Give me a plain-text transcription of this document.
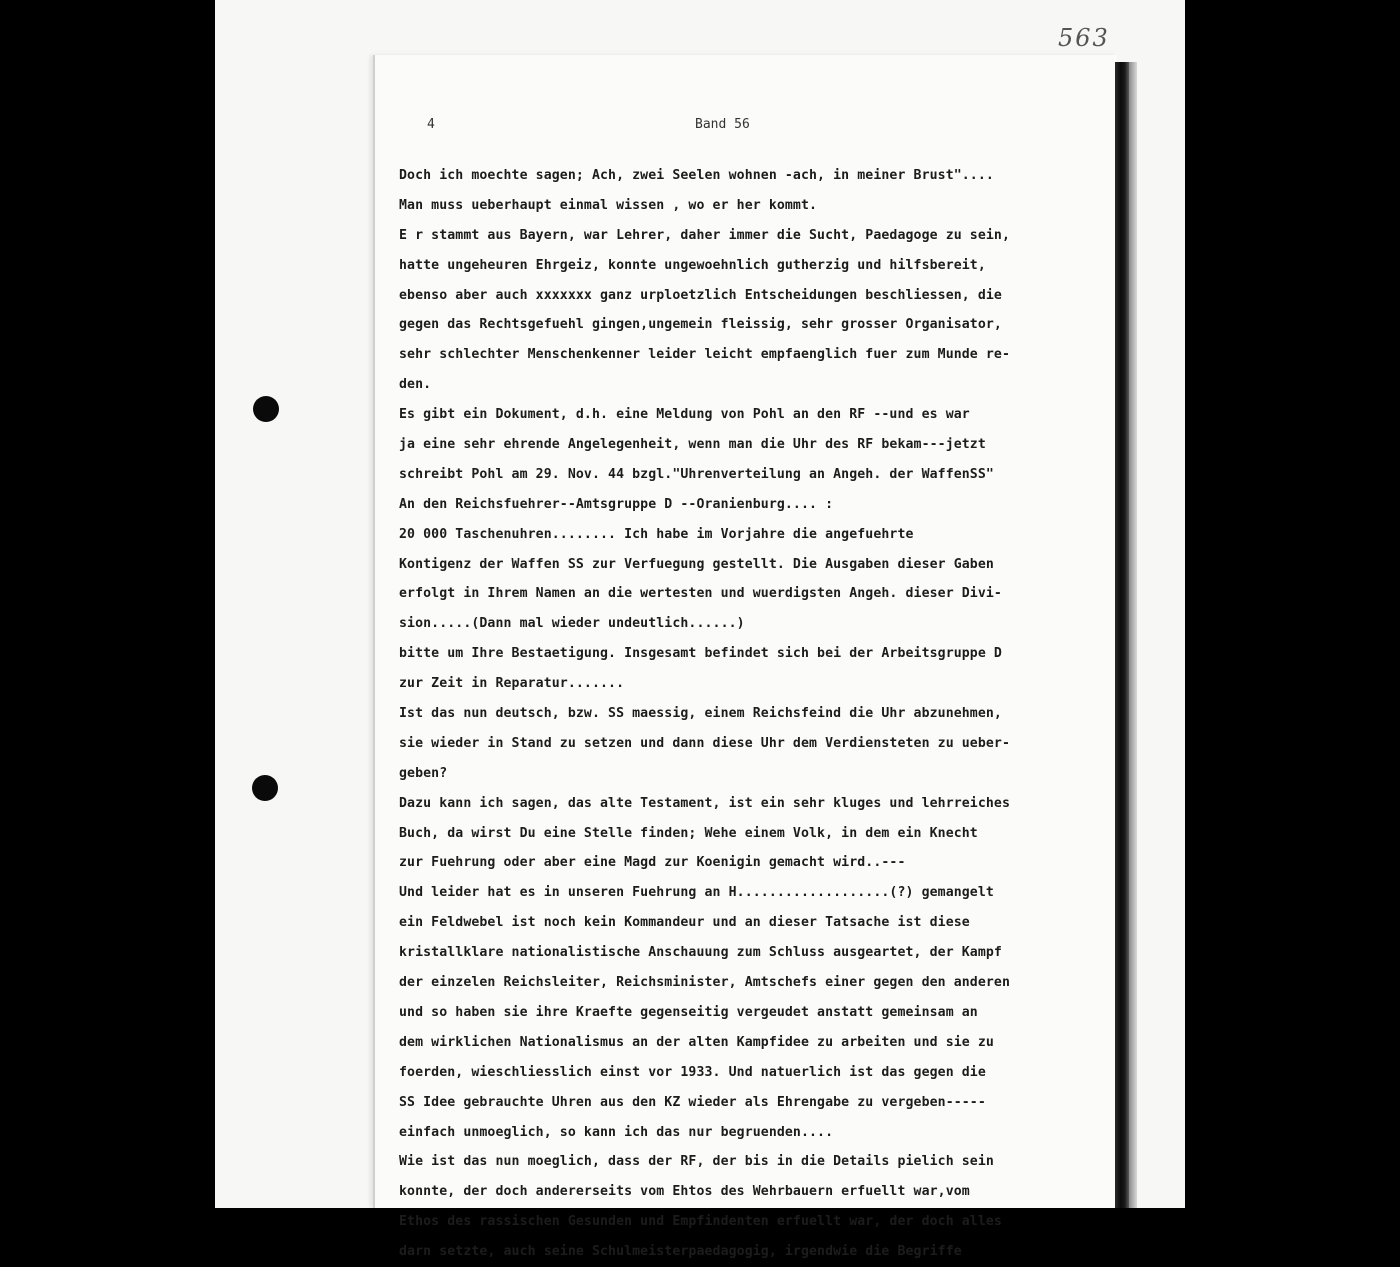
563
4	Band 56
Doch ich moechte sagen; Ach, zwei Seelen wohnen -ach, in meiner Brust"....
Man muss ueberhaupt einmal wissen , wo er her kommt.
E r stammt aus Bayern, war Lehrer, daher immer die Sucht, Paedagoge zu sein,
hatte ungeheuren Ehrgeiz, konnte ungewoehnlich gutherzig und hilfsbereit,
ebenso aber auch xxxxxxx ganz urploetzlich Entscheidungen beschliessen, die
gegen das Rechtsgefuehl gingen,ungemein fleissig, sehr grosser Organisator,
sehr schlechter Menschenkenner leider leicht empfaenglich fuer zum Munde re-
den.
Es gibt ein Dokument, d.h. eine Meldung von Pohl an den RF --und es war
ja eine sehr ehrende Angelegenheit, wenn man die Uhr des RF bekam---jetzt
schreibt Pohl am 29. Nov. 44 bzgl."Uhrenverteilung an Angeh. der WaffenSS"
An den Reichsfuehrer--Amtsgruppe D --Oranienburg.... :
20 000 Taschenuhren........ Ich habe im Vorjahre die angefuehrte
Kontigenz der Waffen SS zur Verfuegung gestellt. Die Ausgaben dieser Gaben
erfolgt in Ihrem Namen an die wertesten und wuerdigsten Angeh. dieser Divi-
sion.....(Dann mal wieder undeutlich......)
bitte um Ihre Bestaetigung. Insgesamt befindet sich bei der Arbeitsgruppe D
zur Zeit in Reparatur.......
Ist das nun deutsch, bzw. SS maessig, einem Reichsfeind die Uhr abzunehmen,
sie wieder in Stand zu setzen und dann diese Uhr dem Verdiensteten zu ueber-
geben?
Dazu kann ich sagen, das alte Testament, ist ein sehr kluges und lehrreiches
Buch, da wirst Du eine Stelle finden; Wehe einem Volk, in dem ein Knecht
zur Fuehrung oder aber eine Magd zur Koenigin gemacht wird..---
Und leider hat es in unseren Fuehrung an H...................(?) gemangelt
ein Feldwebel ist noch kein Kommandeur und an dieser Tatsache ist diese
kristallklare nationalistische Anschauung zum Schluss ausgeartet, der Kampf
der einzelen Reichsleiter, Reichsminister, Amtschefs einer gegen den anderen
und so haben sie ihre Kraefte gegenseitig vergeudet anstatt gemeinsam an
dem wirklichen Nationalismus an der alten Kampfidee zu arbeiten und sie zu
foerden, wieschliesslich einst vor 1933. Und natuerlich ist das gegen die
SS Idee gebrauchte Uhren aus den KZ wieder als Ehrengabe zu vergeben-----
einfach unmoeglich, so kann ich das nur begruenden....
Wie ist das nun moeglich, dass der RF, der bis in die Details pielich sein
konnte, der doch andererseits vom Ehtos des Wehrbauern erfuellt war,vom
Ethos des rassischen Gesunden und Empfindenten erfuellt war, der doch alles
darn setzte, auch seine Schulmeisterpaedagogig, irgendwie die Begriffe
